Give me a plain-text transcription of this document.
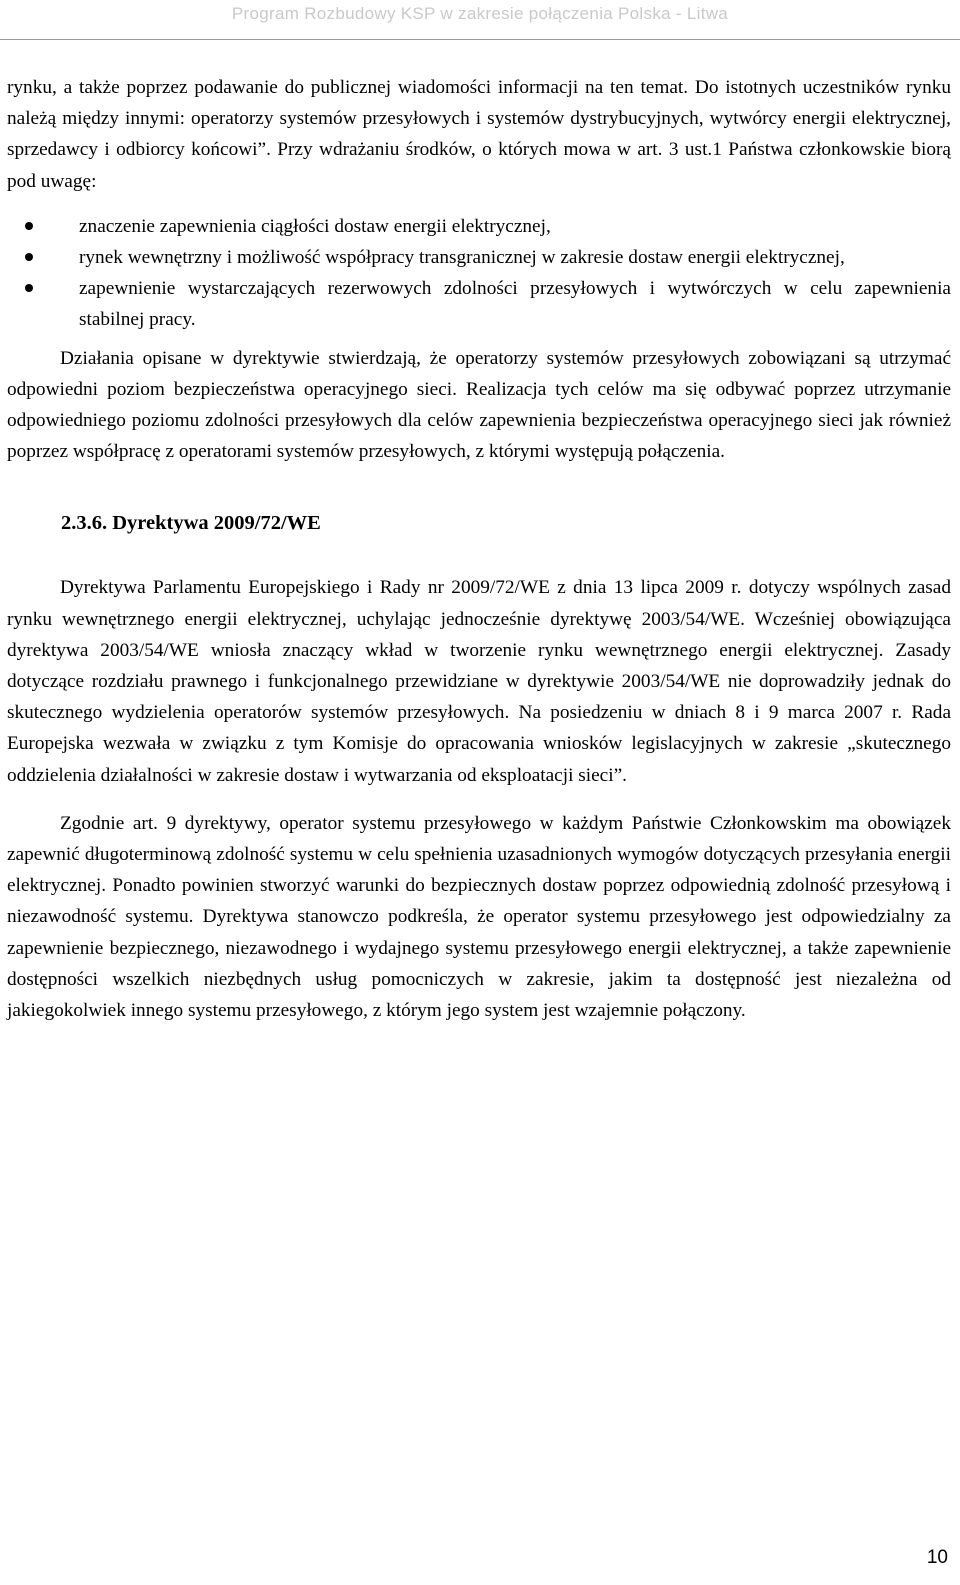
Program Rozbudowy KSP w zakresie połączenia Polska - Litwa

rynku, a także poprzez podawanie do publicznej wiadomości informacji na ten temat. Do istotnych uczestników rynku należą między innymi: operatorzy systemów przesyłowych i systemów dystrybucyjnych, wytwórcy energii elektrycznej, sprzedawcy i odbiorcy końcowi”. Przy wdrażaniu środków, o których mowa w art. 3 ust.1 Państwa członkowskie biorą pod uwagę:

znaczenie zapewnienia ciągłości dostaw energii elektrycznej,
rynek wewnętrzny i możliwość współpracy transgranicznej w zakresie dostaw energii elektrycznej,
zapewnienie wystarczających rezerwowych zdolności przesyłowych i wytwórczych w celu zapewnienia stabilnej pracy.

Działania opisane w dyrektywie stwierdzają, że operatorzy systemów przesyłowych zobowiązani są utrzymać odpowiedni poziom bezpieczeństwa operacyjnego sieci. Realizacja tych celów ma się odbywać poprzez utrzymanie odpowiedniego poziomu zdolności przesyłowych dla celów zapewnienia bezpieczeństwa operacyjnego sieci jak również poprzez współpracę z operatorami systemów przesyłowych, z którymi występują połączenia.

2.3.6. Dyrektywa 2009/72/WE

Dyrektywa Parlamentu Europejskiego i Rady nr 2009/72/WE z dnia 13 lipca 2009 r. dotyczy wspólnych zasad rynku wewnętrznego energii elektrycznej, uchylając jednocześnie dyrektywę 2003/54/WE. Wcześniej obowiązująca dyrektywa 2003/54/WE wniosła znaczący wkład w tworzenie rynku wewnętrznego energii elektrycznej. Zasady dotyczące rozdziału prawnego i funkcjonalnego przewidziane w dyrektywie 2003/54/WE nie doprowadziły jednak do skutecznego wydzielenia operatorów systemów przesyłowych. Na posiedzeniu w dniach 8 i 9 marca 2007 r. Rada Europejska wezwała w związku z tym Komisje do opracowania wniosków legislacyjnych w zakresie „skutecznego oddzielenia działalności w zakresie dostaw i wytwarzania od eksploatacji sieci”.

Zgodnie art. 9 dyrektywy, operator systemu przesyłowego w każdym Państwie Członkowskim ma obowiązek zapewnić długoterminową zdolność systemu w celu spełnienia uzasadnionych wymogów dotyczących przesyłania energii elektrycznej. Ponadto powinien stworzyć warunki do bezpiecznych dostaw poprzez odpowiednią zdolność przesyłową i niezawodność systemu. Dyrektywa stanowczo podkreśla, że operator systemu przesyłowego jest odpowiedzialny za zapewnienie bezpiecznego, niezawodnego i wydajnego systemu przesyłowego energii elektrycznej, a także zapewnienie dostępności wszelkich niezbędnych usług pomocniczych w zakresie, jakim ta dostępność jest niezależna od jakiegokolwiek innego systemu przesyłowego, z którym jego system jest wzajemnie połączony.

10
